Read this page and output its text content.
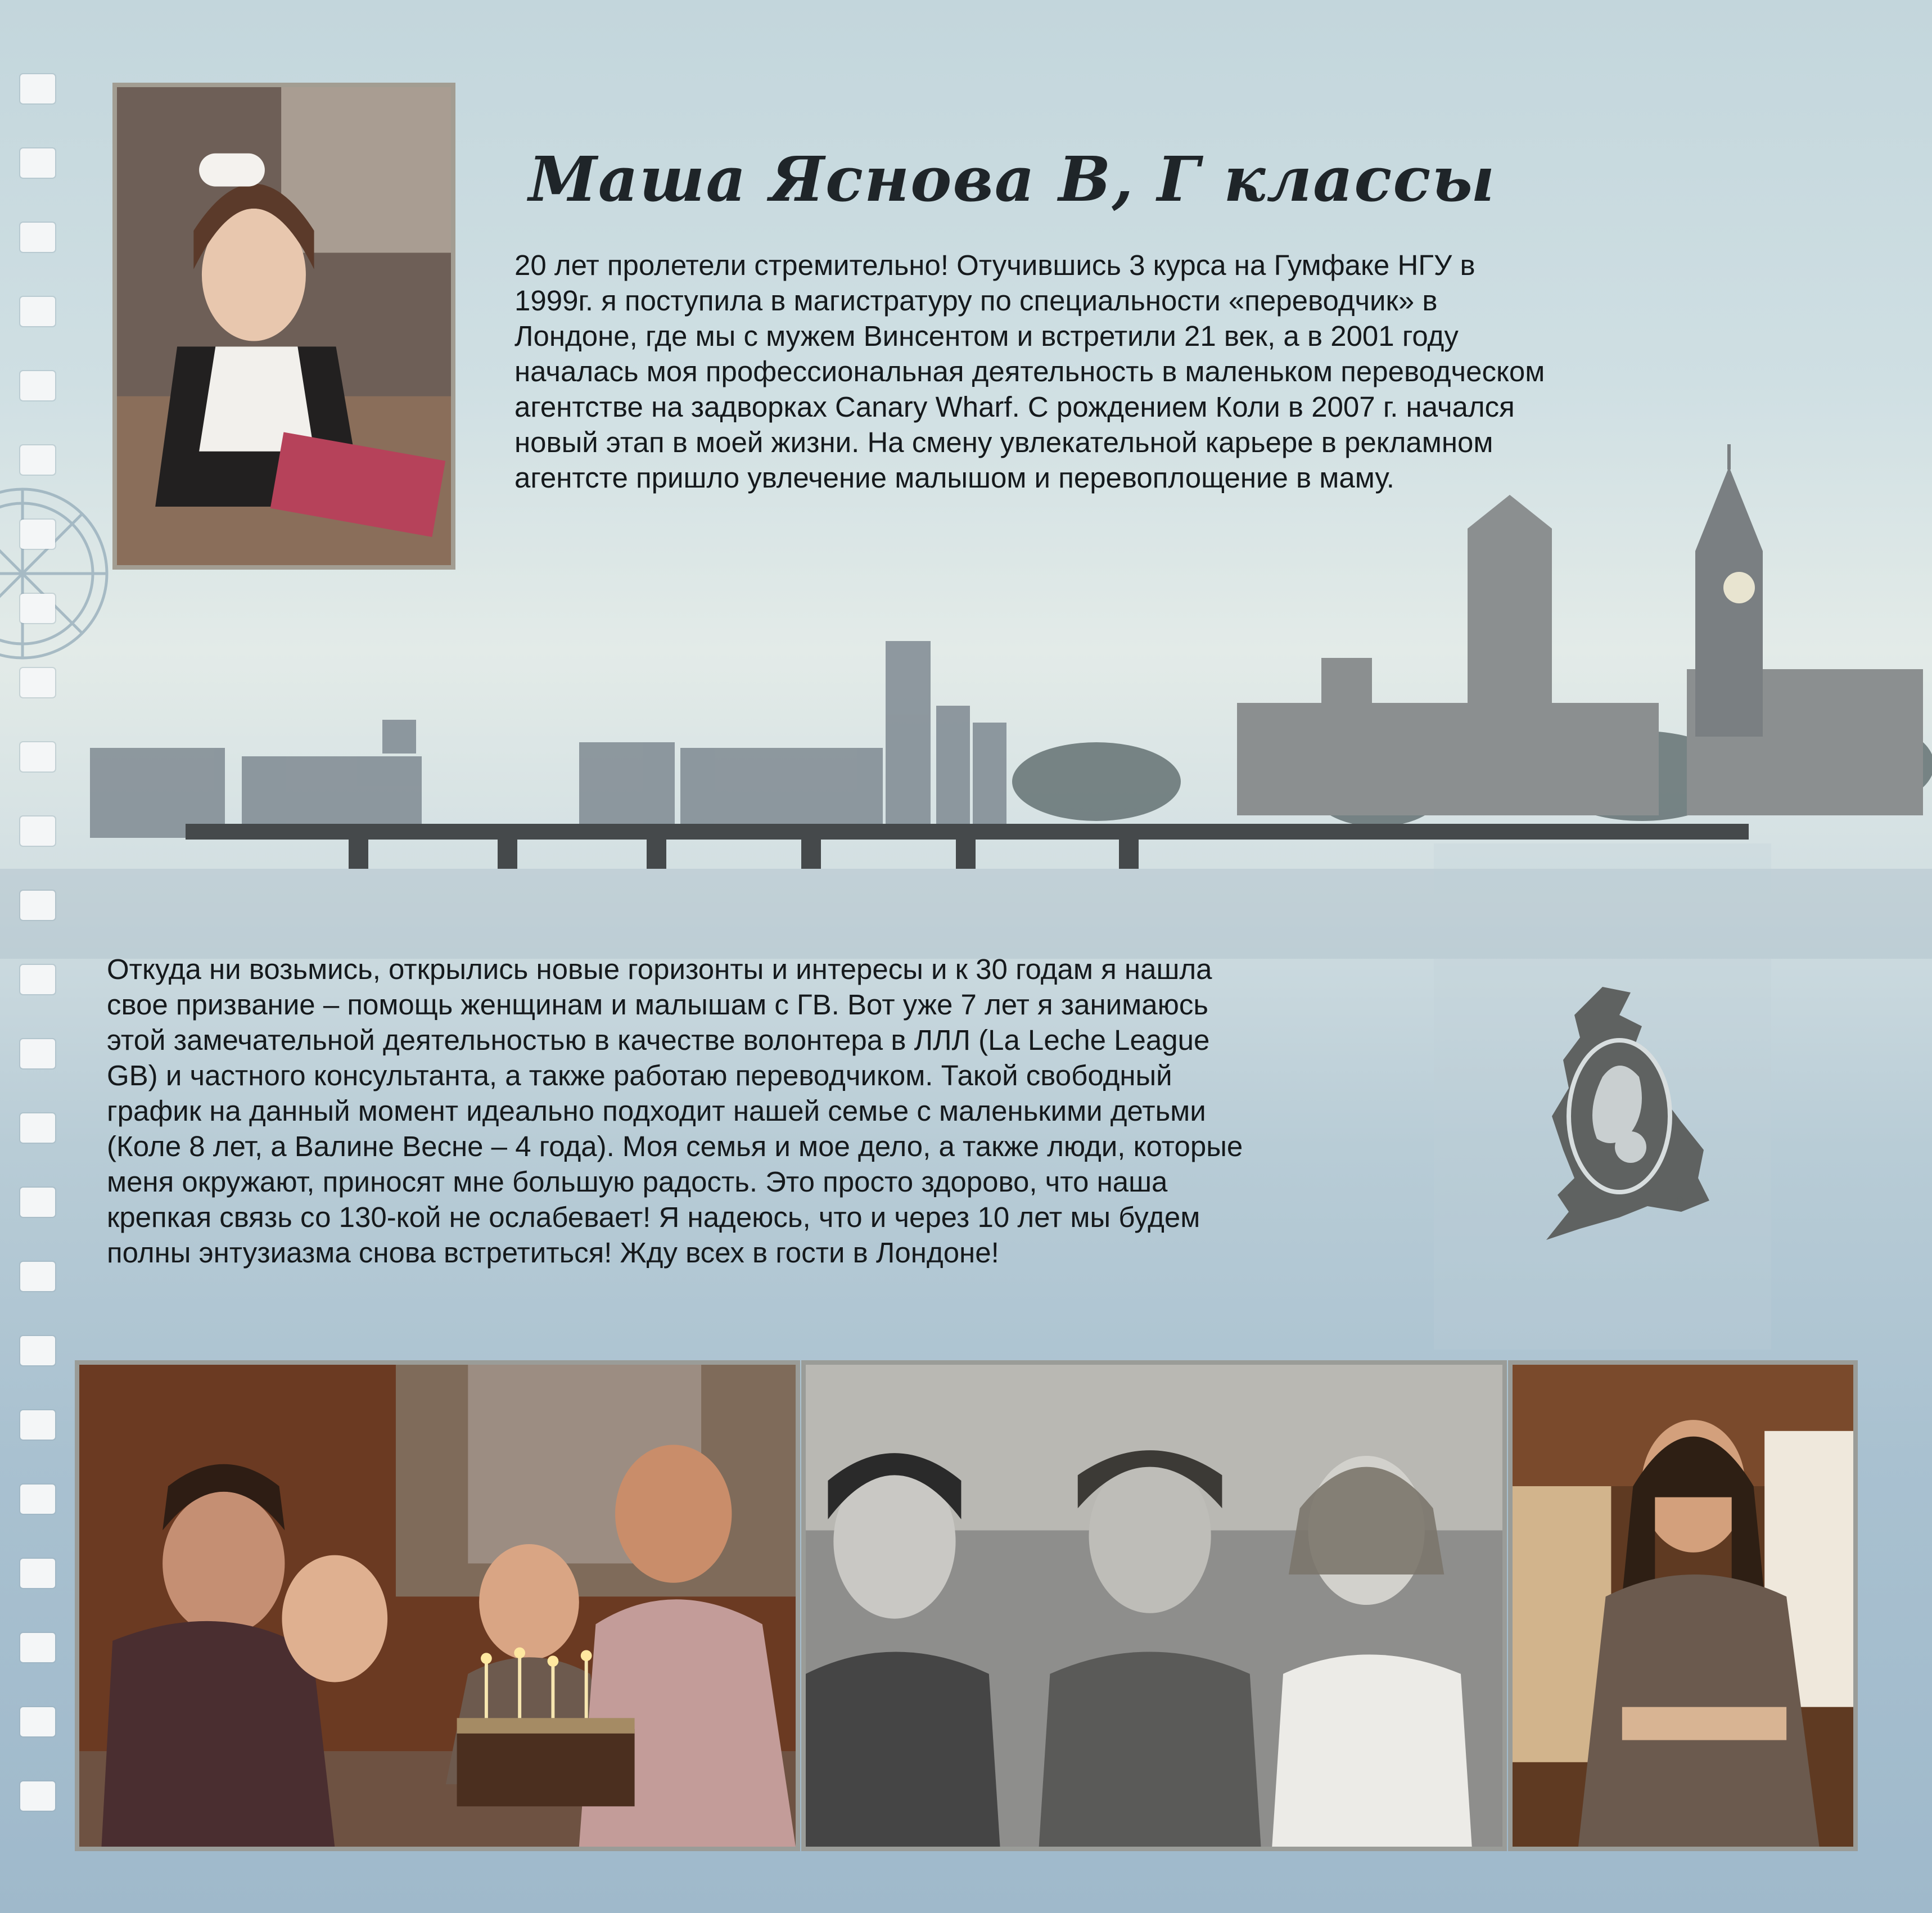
Маша Яснова В, Г классы
20 лет пролетели стремительно! Отучившись 3 курса на Гумфаке НГУ в
1999г. я поступила в магистратуру по специальности «переводчик» в
Лондоне, где мы с мужем Винсентом и встретили 21 век, а в 2001 году
началась моя профессиональная деятельность в маленьком переводческом
агентстве на задворках Canary Wharf. С рождением Коли в 2007 г. начался
новый этап в моей жизни. На смену увлекательной карьере в рекламном
агентсте пришло увлечение малышом и перевоплощение в маму.
Откуда ни возьмись, открылись новые горизонты и интересы и к 30 годам я нашла
свое призвание – помощь женщинам и малышам с ГВ. Вот уже 7 лет я занимаюсь
этой замечательной деятельностью в качестве волонтера в ЛЛЛ (La Leche League
GB) и частного консультанта, а также работаю переводчиком. Такой свободный
график на данный момент идеально подходит нашей семье с маленькими детьми
(Коле 8 лет, а Валине Весне – 4 года). Моя семья и мое дело, а также люди, которые
меня окружают, приносят мне большую радость. Это просто здорово, что наша
крепкая связь со 130-кой не ослабевает! Я надеюсь, что и через 10 лет мы будем
полны энтузиазма снова встретиться! Жду всех в гости в Лондоне!
®
